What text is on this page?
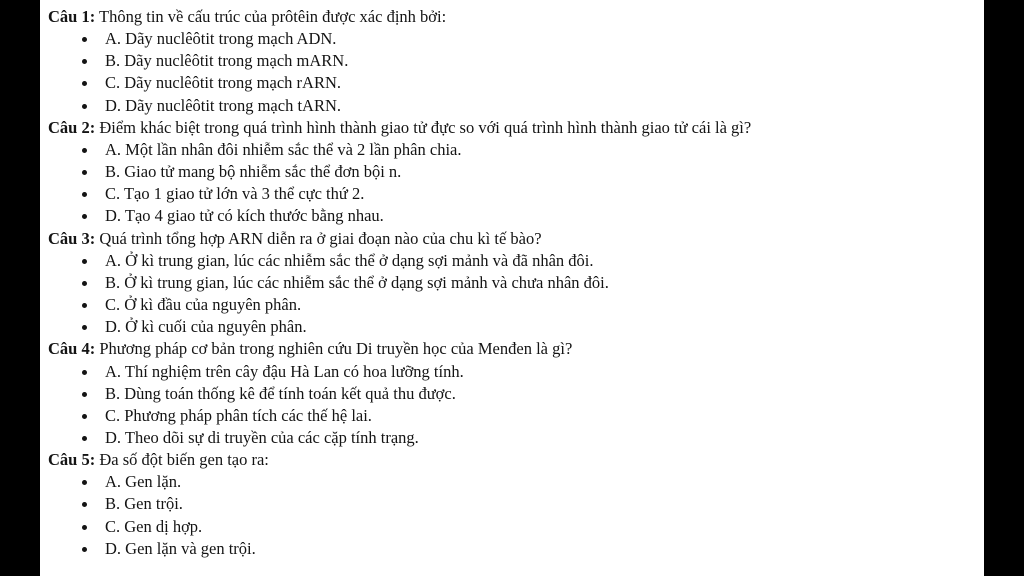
Câu 1: Thông tin về cấu trúc của prôtêin được xác định bởi:

A. Dãy nuclêôtit trong mạch ADN.
B. Dãy nuclêôtit trong mạch mARN.
C. Dãy nuclêôtit trong mạch rARN.
D. Dãy nuclêôtit trong mạch tARN.

Câu 2: Điểm khác biệt trong quá trình hình thành giao tử đực so với quá trình hình thành giao tử cái là gì?

A. Một lần nhân đôi nhiễm sắc thể và 2 lần phân chia.
B. Giao tử mang bộ nhiễm sắc thể đơn bội n.
C. Tạo 1 giao tử lớn và 3 thể cực thứ 2.
D. Tạo 4 giao tử có kích thước bằng nhau.

Câu 3: Quá trình tổng hợp ARN diễn ra ở giai đoạn nào của chu kì tế bào?

A. Ở kì trung gian, lúc các nhiễm sắc thể ở dạng sợi mảnh và đã nhân đôi.
B. Ở kì trung gian, lúc các nhiễm sắc thể ở dạng sợi mảnh và chưa nhân đôi.
C. Ở kì đầu của nguyên phân.
D. Ở kì cuối của nguyên phân.

Câu 4: Phương pháp cơ bản trong nghiên cứu Di truyền học của Menđen là gì?

A. Thí nghiệm trên cây đậu Hà Lan có hoa lưỡng tính.
B. Dùng toán thống kê để tính toán kết quả thu được.
C. Phương pháp phân tích các thế hệ lai.
D. Theo dõi sự di truyền của các cặp tính trạng.

Câu 5: Đa số đột biến gen tạo ra:

A. Gen lặn.
B. Gen trội.
C. Gen dị hợp.
D. Gen lặn và gen trội.
